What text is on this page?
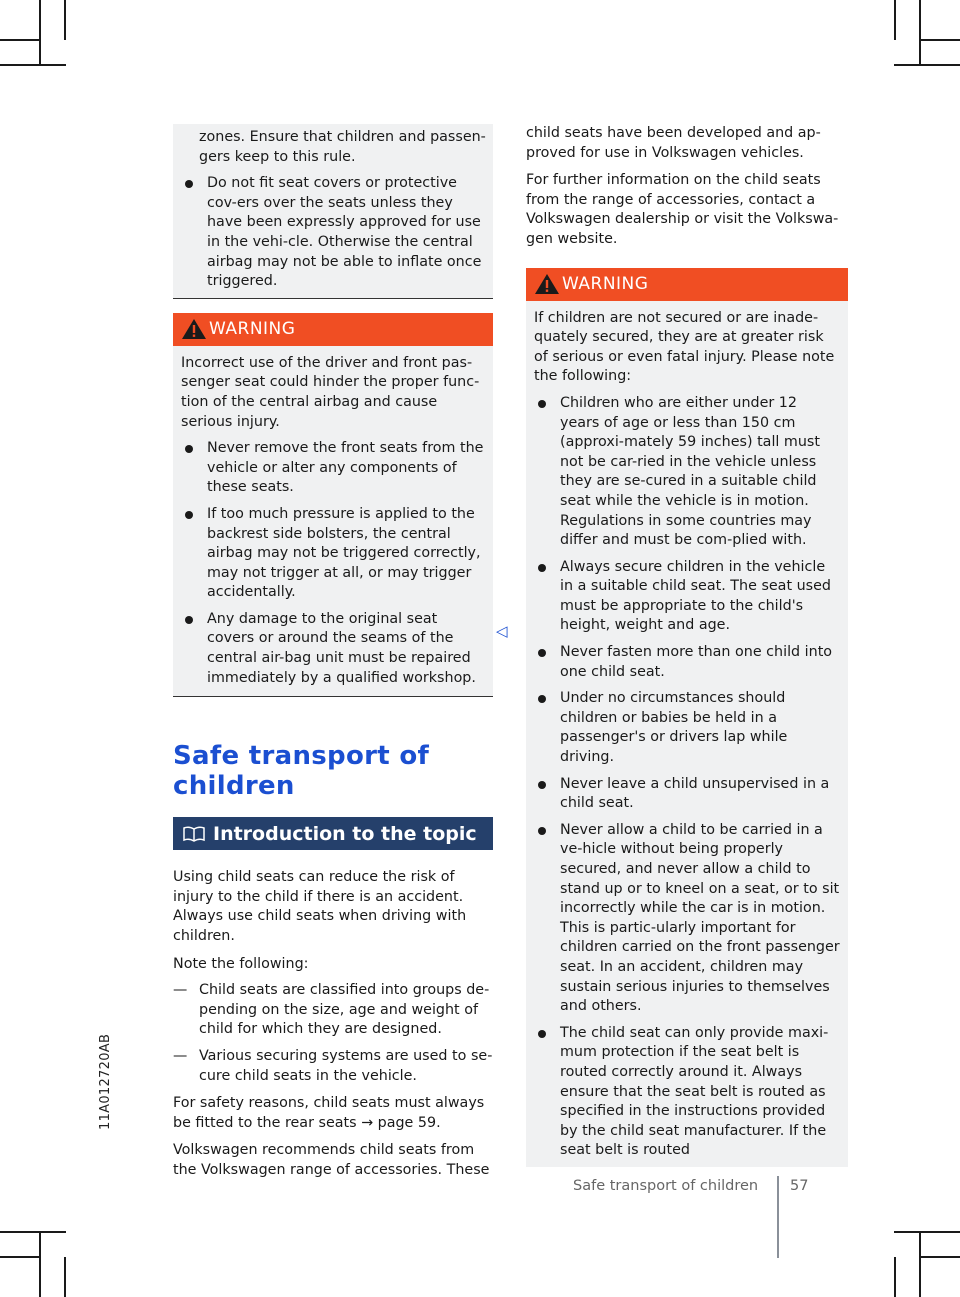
zones. Ensure that children and passen-gers keep to this rule.

Do not fit seat covers or protective cov-ers over the seats unless they have been expressly approved for use in the vehi-cle. Otherwise the central airbag may not be able to inflate once triggered.

WARNING

Incorrect use of the driver and front pas-senger seat could hinder the proper func-tion of the central airbag and cause serious injury.

Never remove the front seats from the vehicle or alter any components of these seats.

If too much pressure is applied to the backrest side bolsters, the central airbag may not be triggered correctly, may not trigger at all, or may trigger accidentally.

Any damage to the original seat covers or around the seams of the central air-bag unit must be repaired immediately by a qualified workshop.

Safe transport of children
Introduction to the topic

Using child seats can reduce the risk of injury to the child if there is an accident. Always use child seats when driving with children.

Note the following:

— Child seats are classified into groups de-pending on the size, age and weight of child for which they are designed.

— Various securing systems are used to se-cure child seats in the vehicle.

For safety reasons, child seats must always be fitted to the rear seats → page 59.

Volkswagen recommends child seats from the Volkswagen range of accessories. These

◁

child seats have been developed and ap-proved for use in Volkswagen vehicles.

For further information on the child seats from the range of accessories, contact a Volkswagen dealership or visit the Volkswa-gen website.

WARNING

If children are not secured or are inade-quately secured, they are at greater risk of serious or even fatal injury. Please note the following:

Children who are either under 12 years of age or less than 150 cm (approxi-mately 59 inches) tall must not be car-ried in the vehicle unless they are se-cured in a suitable child seat while the vehicle is in motion. Regulations in some countries may differ and must be com-plied with.

Always secure children in the vehicle in a suitable child seat. The seat used must be appropriate to the child's height, weight and age.

Never fasten more than one child into one child seat.

Under no circumstances should children or babies be held in a passenger's or drivers lap while driving.

Never leave a child unsupervised in a child seat.

Never allow a child to be carried in a ve-hicle without being properly secured, and never allow a child to stand up or to kneel on a seat, or to sit incorrectly while the car is in motion. This is partic-ularly important for children carried on the front passenger seat. In an accident, children may sustain serious injuries to themselves and others.

The child seat can only provide maxi-mum protection if the seat belt is routed correctly around it. Always ensure that the seat belt is routed as specified in the instructions provided by the child seat manufacturer. If the seat belt is routed

11A012720AB
Safe transport of children 57
